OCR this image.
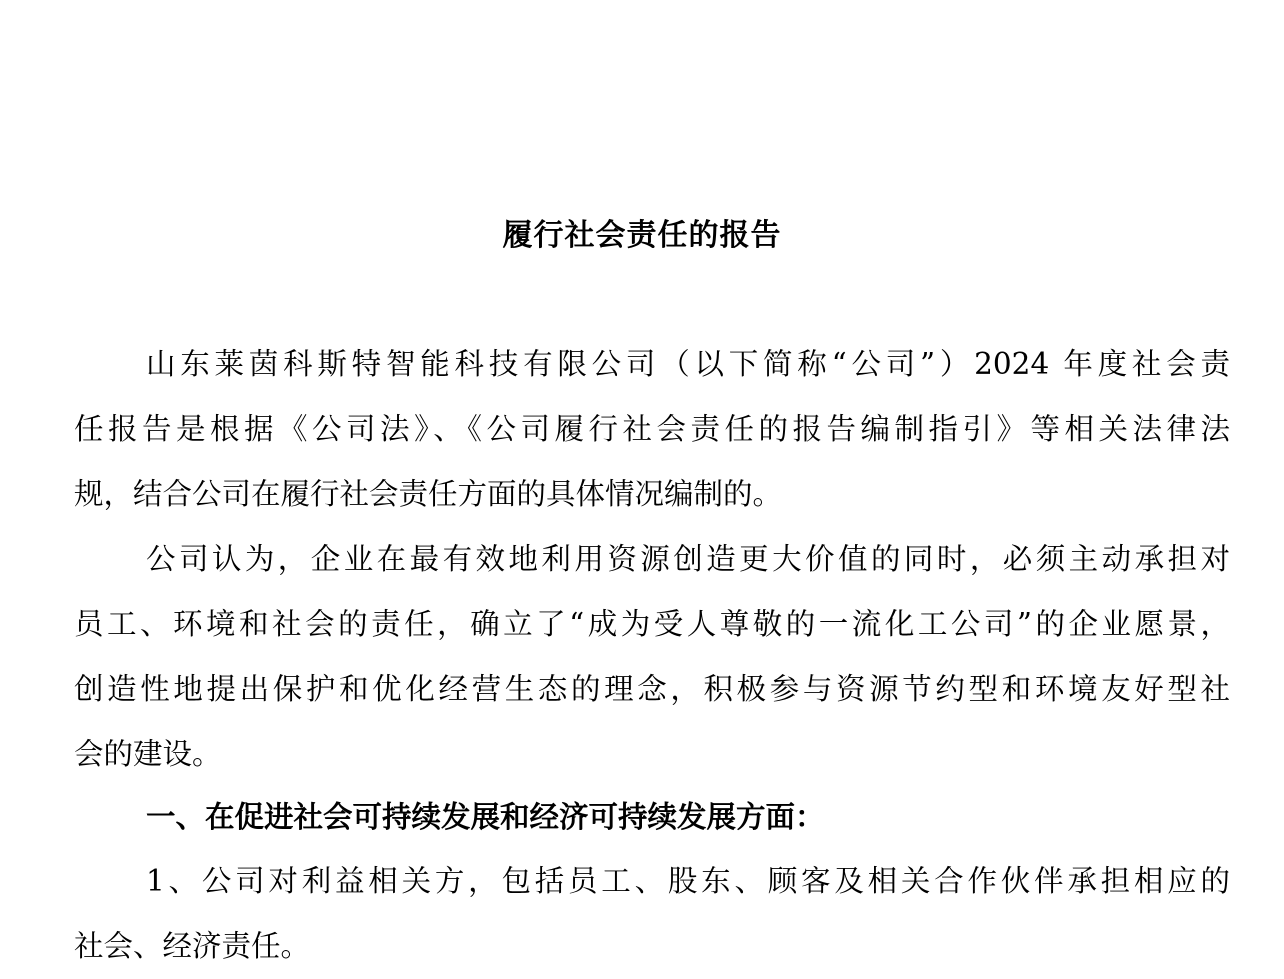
履行社会责任的报告
山东莱茵科斯特智能科技有限公司（以下简称“公司”）2024 年度社会责
任报告是根据《公司法》、《公司履行社会责任的报告编制指引》等相关法律法
规，结合公司在履行社会责任方面的具体情况编制的。
公司认为，企业在最有效地利用资源创造更大价值的同时，必须主动承担对
员工、环境和社会的责任，确立了“成为受人尊敬的一流化工公司”的企业愿景，
创造性地提出保护和优化经营生态的理念，积极参与资源节约型和环境友好型社
会的建设。
一、在促进社会可持续发展和经济可持续发展方面：
1、公司对利益相关方，包括员工、股东、顾客及相关合作伙伴承担相应的
社会、经济责任。
